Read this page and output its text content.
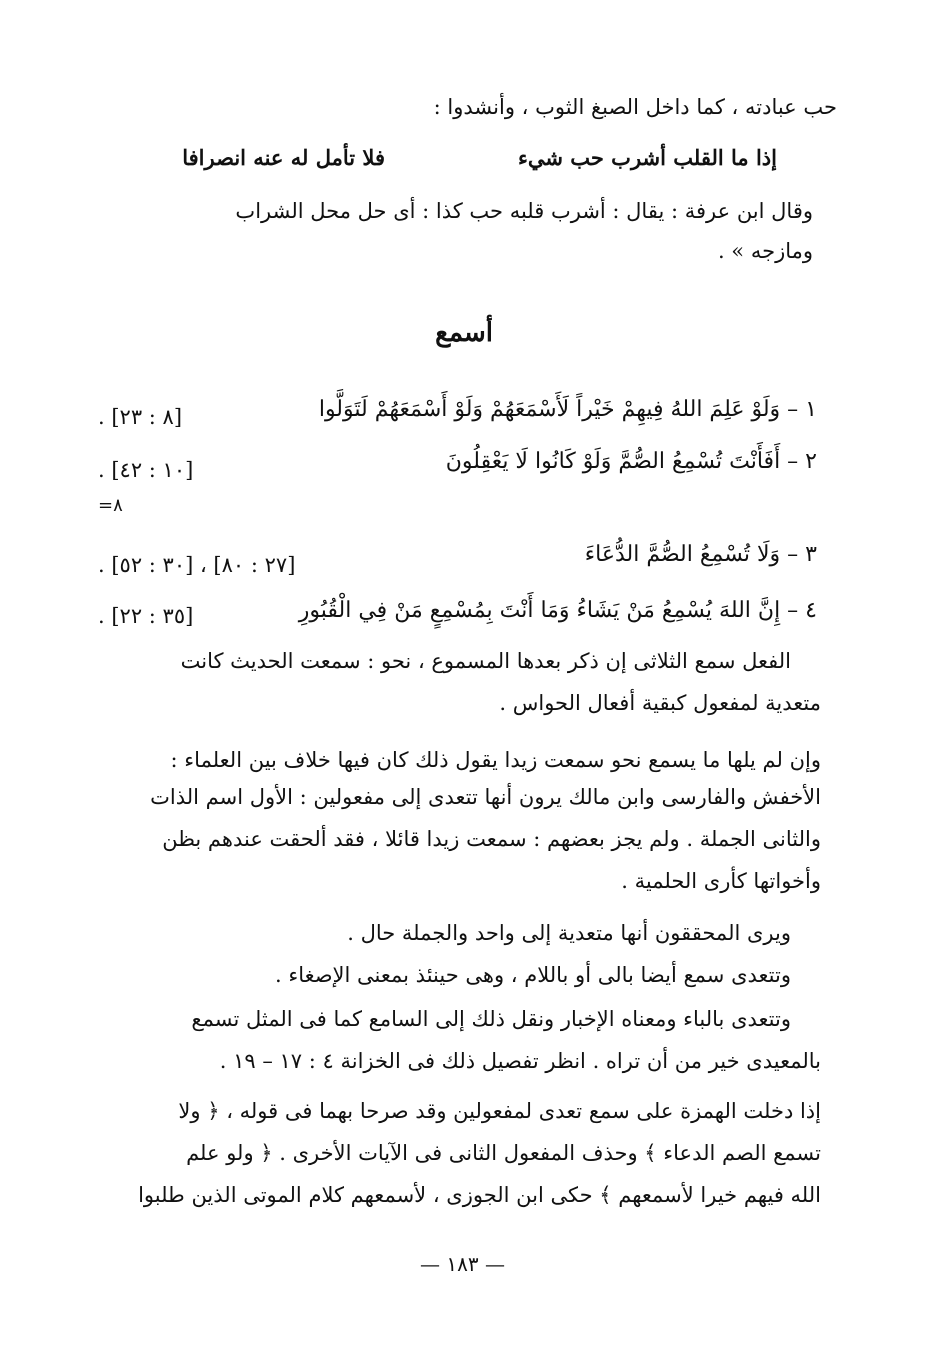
حب عبادته ، كما داخل الصبغ الثوب ، وأنشدوا :
إذا ما القلب أشرب حب شيء
فلا تأمل له عنه انصرافا
وقال ابن عرفة : يقال : أشرب قلبه حب كذا : أى حل محل الشراب
ومازجه » .
أسمع
١ – وَلَوْ عَلِمَ اللهُ فِيهِمْ خَيْراً لَأَسْمَعَهُمْ وَلَوْ أَسْمَعَهُمْ لَتَوَلَّوا
[٨ : ٢٣] .
٢ – أَفَأَنْتَ تُسْمِعُ الصُّمَّ وَلَوْ كَانُوا لَا يَعْقِلُونَ
[١٠ : ٤٢] .
٨=
٣ – وَلَا تُسْمِعُ الصُّمَّ الدُّعَاءَ
[٢٧ : ٨٠] ، [٣٠ : ٥٢] .
٤ – إِنَّ اللهَ يُسْمِعُ مَنْ يَشَاءُ وَمَا أَنْتَ بِمُسْمِعٍ مَنْ فِي الْقُبُورِ
[٣٥ : ٢٢] .
الفعل سمع الثلاثى إن ذكر بعدها المسموع ، نحو : سمعت الحديث كانت
متعدية لمفعول كبقية أفعال الحواس .
وإن لم يلها ما يسمع نحو سمعت زيدا يقول ذلك كان فيها خلاف بين العلماء :
الأخفش والفارسى وابن مالك يرون أنها تتعدى إلى مفعولين : الأول اسم الذات
والثانى الجملة . ولم يجز بعضهم : سمعت زيدا قائلا ، فقد ألحقت عندهم بظن
وأخواتها كأرى الحلمية .
ويرى المحققون أنها متعدية إلى واحد والجملة حال .
وتتعدى سمع أيضا بالى أو باللام ، وهى حينئذ بمعنى الإصغاء .
وتتعدى بالباء ومعناه الإخبار ونقل ذلك إلى السامع كما فى المثل تسمع
بالمعيدى خير من أن تراه . انظر تفصيل ذلك فى الخزانة ٤ : ١٧ – ١٩ .
إذا دخلت الهمزة على سمع تعدى لمفعولين وقد صرحا بهما فى قوله ، ﴿ ولا
تسمع الصم الدعاء ﴾ وحذف المفعول الثانى فى الآيات الأخرى . ﴿ ولو علم
الله فيهم خيرا لأسمعهم ﴾ حكى ابن الجوزى ، لأسمعهم كلام الموتى الذين طلبوا
— ١٨٣ —
